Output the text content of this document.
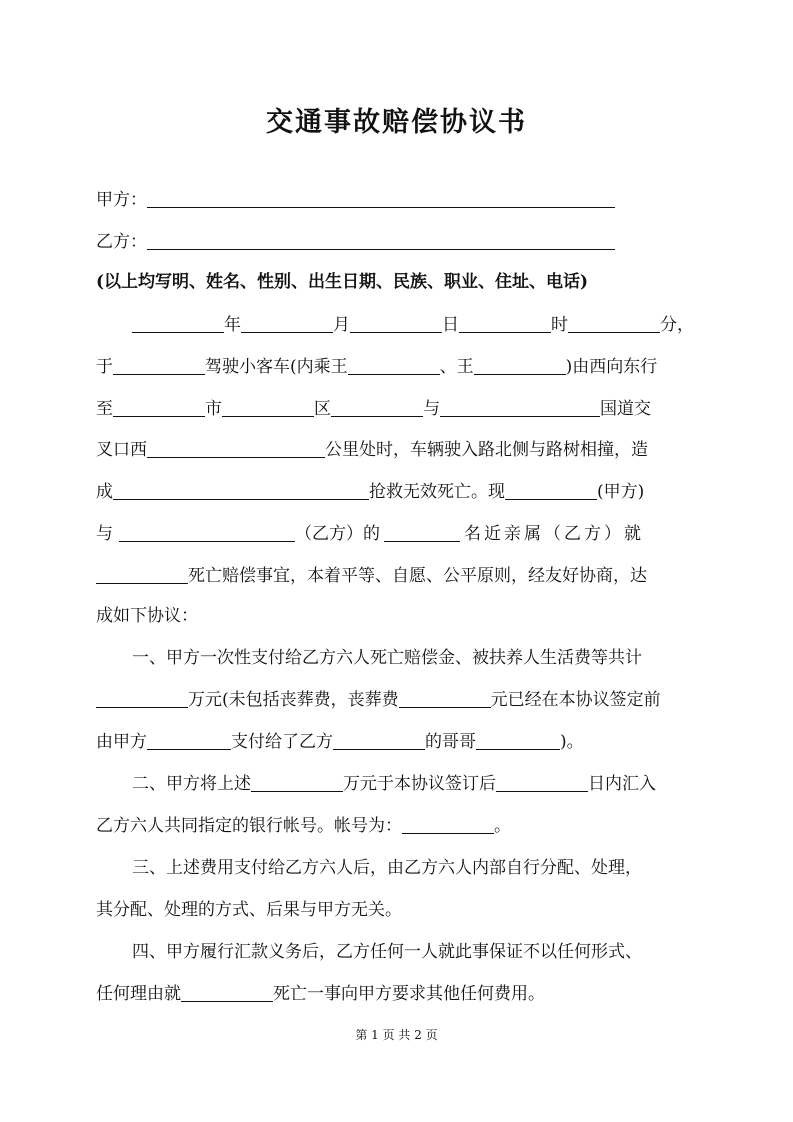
交通事故赔偿协议书
甲方：
乙方：
(以上均写明、姓名、性别、出生日期、民族、职业、住址、电话)
年	月	日	时	分，
于	驾驶小客车(内乘王	、王	)由西向东行
至	市	区	与	国道交
叉口西	公里处时，车辆驶入路北侧与路树相撞，造
成	抢救无效死亡。现	(甲方)
与	（乙方）的	名近亲属（乙方）就
死亡赔偿事宜，本着平等、自愿、公平原则，经友好协商，达
成如下协议：
一、甲方一次性支付给乙方六人死亡赔偿金、被扶养人生活费等共计
万元(未包括丧葬费，丧葬费	元已经在本协议签定前
由甲方	支付给了乙方	的哥哥	)。
二、甲方将上述	万元于本协议签订后	日内汇入
乙方六人共同指定的银行帐号。帐号为：	。
三、上述费用支付给乙方六人后，由乙方六人内部自行分配、处理，
其分配、处理的方式、后果与甲方无关。
四、甲方履行汇款义务后，乙方任何一人就此事保证不以任何形式、
任何理由就	死亡一事向甲方要求其他任何费用。
第 1 页 共 2 页
